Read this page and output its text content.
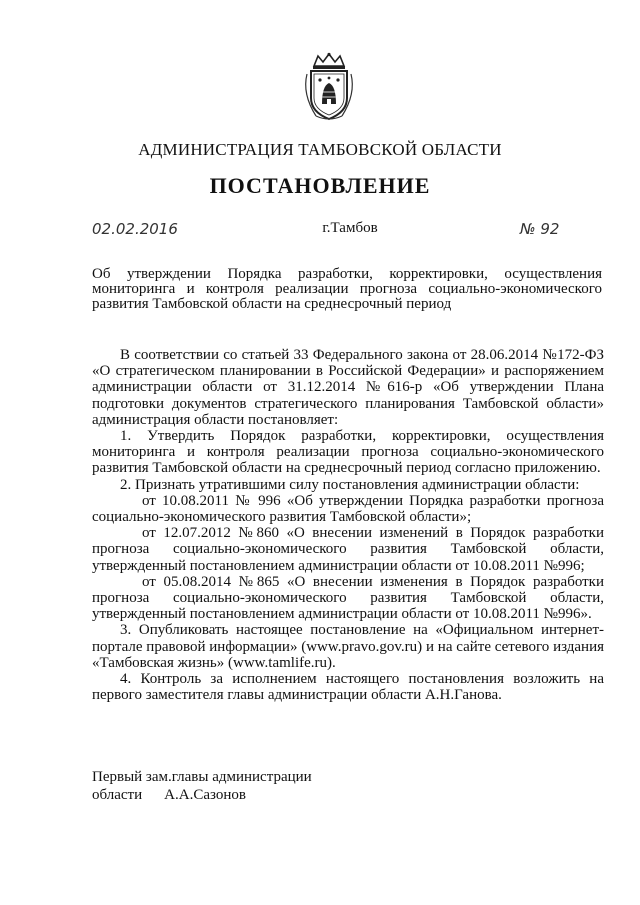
АДМИНИСТРАЦИЯ ТАМБОВСКОЙ ОБЛАСТИ
ПОСТАНОВЛЕНИЕ
02.02.2016	г.Тамбов	№ 92
Об утверждении Порядка разработки, корректировки, осуществления мониторинга и контроля реализации прогноза социально-экономического развития Тамбовской области на среднесрочный период

В соответствии со статьей 33 Федерального закона от 28.06.2014 №172-ФЗ «О стратегическом планировании в Российской Федерации» и распоряжением администрации области от 31.12.2014 №616-р «Об утверждении Плана подготовки документов стратегического планирования Тамбовской области» администрация области постановляет:

1. Утвердить Порядок разработки, корректировки, осуществления мониторинга и контроля реализации прогноза социально-экономического развития Тамбовской области на среднесрочный период согласно приложению.

2. Признать утратившими силу постановления администрации области:

от 10.08.2011 № 996 «Об утверждении Порядка разработки прогноза социально-экономического развития Тамбовской области»;

от 12.07.2012 №860 «О внесении изменений в Порядок разработки прогноза социально-экономического развития Тамбовской области, утвержденный постановлением администрации области от 10.08.2011 №996;

от 05.08.2014 №865 «О внесении изменения в Порядок разработки прогноза социально-экономического развития Тамбовской области, утвержденный постановлением администрации области от 10.08.2011 №996».

3. Опубликовать настоящее постановление на «Официальном интернет-портале правовой информации» (www.pravo.gov.ru) и на сайте сетевого издания «Тамбовская жизнь» (www.tamlife.ru).

4. Контроль за исполнением настоящего постановления возложить на первого заместителя главы администрации области А.Н.Ганова.

Первый зам.главы администрации
области А.А.Сазонов
